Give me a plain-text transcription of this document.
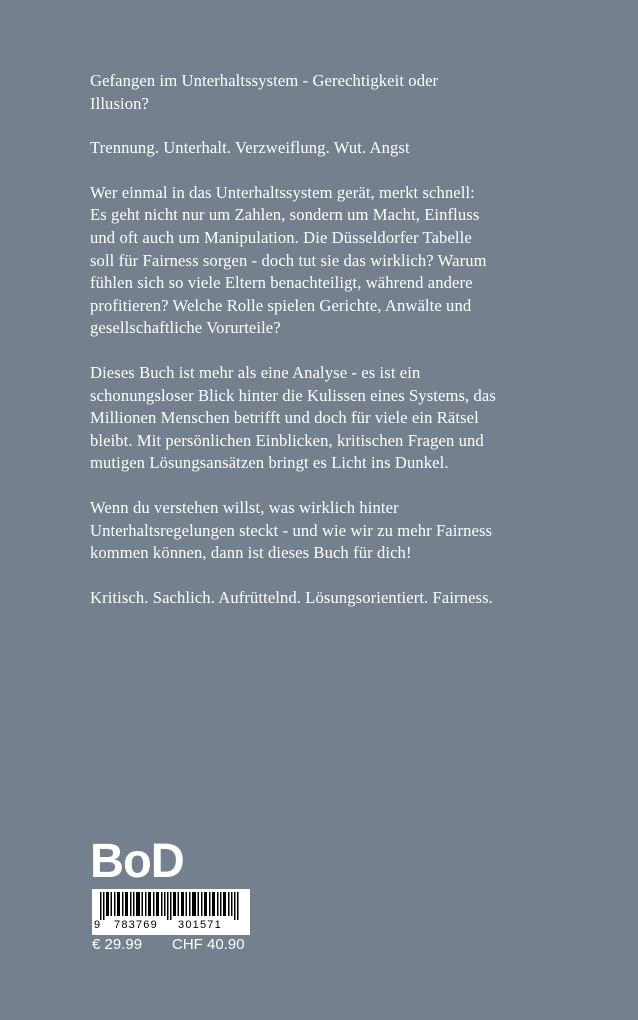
Gefangen im Unterhaltssystem - Gerechtigkeit oder
Illusion?

Trennung. Unterhalt. Verzweiflung. Wut. Angst

Wer einmal in das Unterhaltssystem gerät, merkt schnell:
Es geht nicht nur um Zahlen, sondern um Macht, Einfluss
und oft auch um Manipulation. Die Düsseldorfer Tabelle
soll für Fairness sorgen - doch tut sie das wirklich? Warum
fühlen sich so viele Eltern benachteiligt, während andere
profitieren? Welche Rolle spielen Gerichte, Anwälte und
gesellschaftliche Vorurteile?

Dieses Buch ist mehr als eine Analyse - es ist ein
schonungsloser Blick hinter die Kulissen eines Systems, das
Millionen Menschen betrifft und doch für viele ein Rätsel
bleibt. Mit persönlichen Einblicken, kritischen Fragen und
mutigen Lösungsansätzen bringt es Licht ins Dunkel.

Wenn du verstehen willst, was wirklich hinter
Unterhaltsregelungen steckt - und wie wir zu mehr Fairness
kommen können, dann ist dieses Buch für dich!

Kritisch. Sachlich. Aufrüttelnd. Lösungsorientiert. Fairness.

BoD
9 783769 301571
€ 29.99 CHF 40.90
